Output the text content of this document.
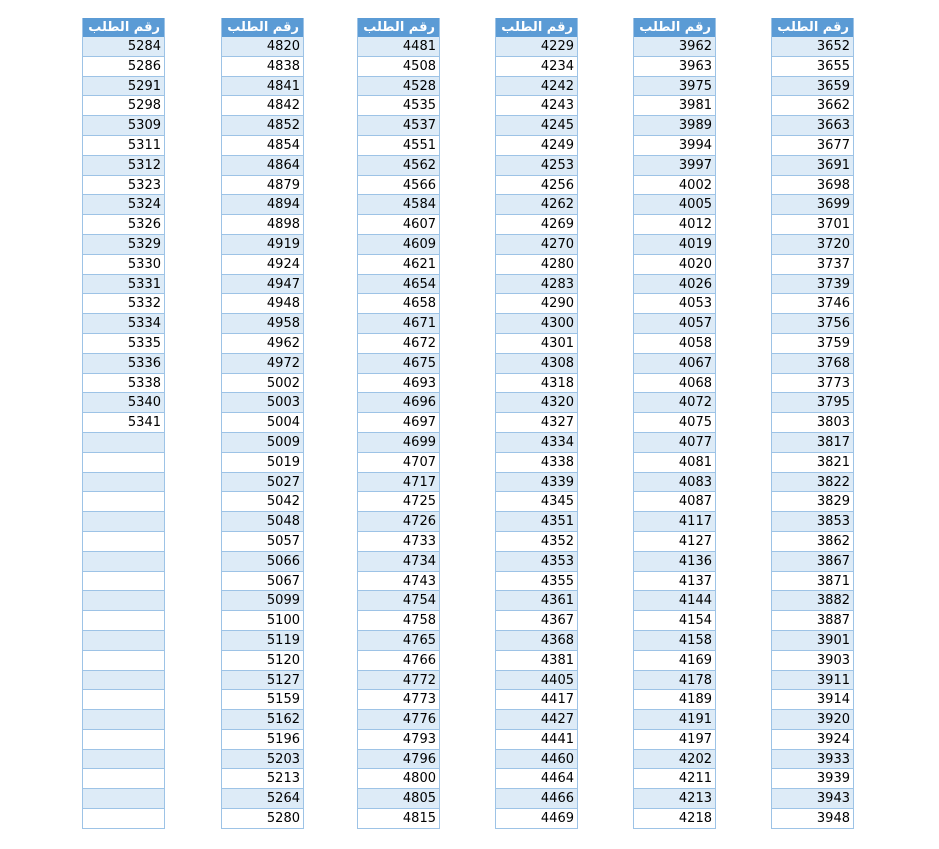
رقم الطلب
3652
3655
3659
3662
3663
3677
3691
3698
3699
3701
3720
3737
3739
3746
3756
3759
3768
3773
3795
3803
3817
3821
3822
3829
3853
3862
3867
3871
3882
3887
3901
3903
3911
3914
3920
3924
3933
3939
3943
3948
رقم الطلب
3962
3963
3975
3981
3989
3994
3997
4002
4005
4012
4019
4020
4026
4053
4057
4058
4067
4068
4072
4075
4077
4081
4083
4087
4117
4127
4136
4137
4144
4154
4158
4169
4178
4189
4191
4197
4202
4211
4213
4218
رقم الطلب
4229
4234
4242
4243
4245
4249
4253
4256
4262
4269
4270
4280
4283
4290
4300
4301
4308
4318
4320
4327
4334
4338
4339
4345
4351
4352
4353
4355
4361
4367
4368
4381
4405
4417
4427
4441
4460
4464
4466
4469
رقم الطلب
4481
4508
4528
4535
4537
4551
4562
4566
4584
4607
4609
4621
4654
4658
4671
4672
4675
4693
4696
4697
4699
4707
4717
4725
4726
4733
4734
4743
4754
4758
4765
4766
4772
4773
4776
4793
4796
4800
4805
4815
رقم الطلب
4820
4838
4841
4842
4852
4854
4864
4879
4894
4898
4919
4924
4947
4948
4958
4962
4972
5002
5003
5004
5009
5019
5027
5042
5048
5057
5066
5067
5099
5100
5119
5120
5127
5159
5162
5196
5203
5213
5264
5280
رقم الطلب
5284
5286
5291
5298
5309
5311
5312
5323
5324
5326
5329
5330
5331
5332
5334
5335
5336
5338
5340
5341
